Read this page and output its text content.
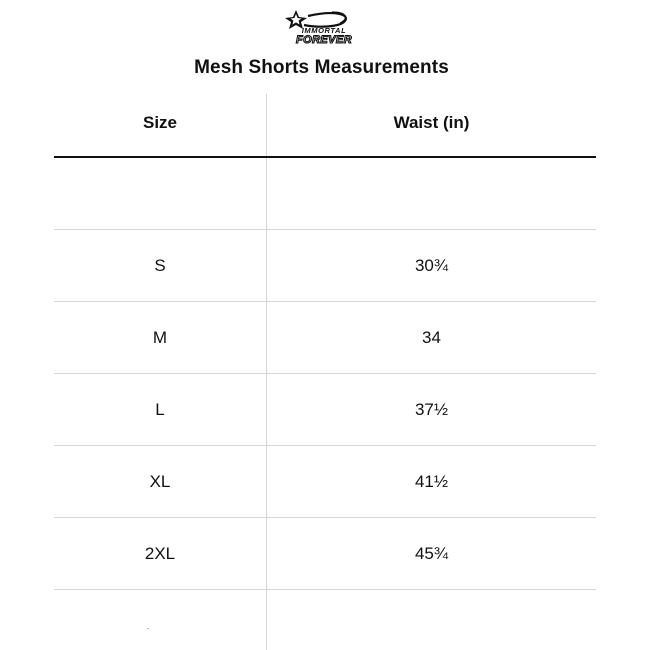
IMMORTAL
FOREVER
Mesh Shorts Measurements
Size	Waist (in)
S	30¾
M	34
L	37½
XL	41½
2XL	45¾
